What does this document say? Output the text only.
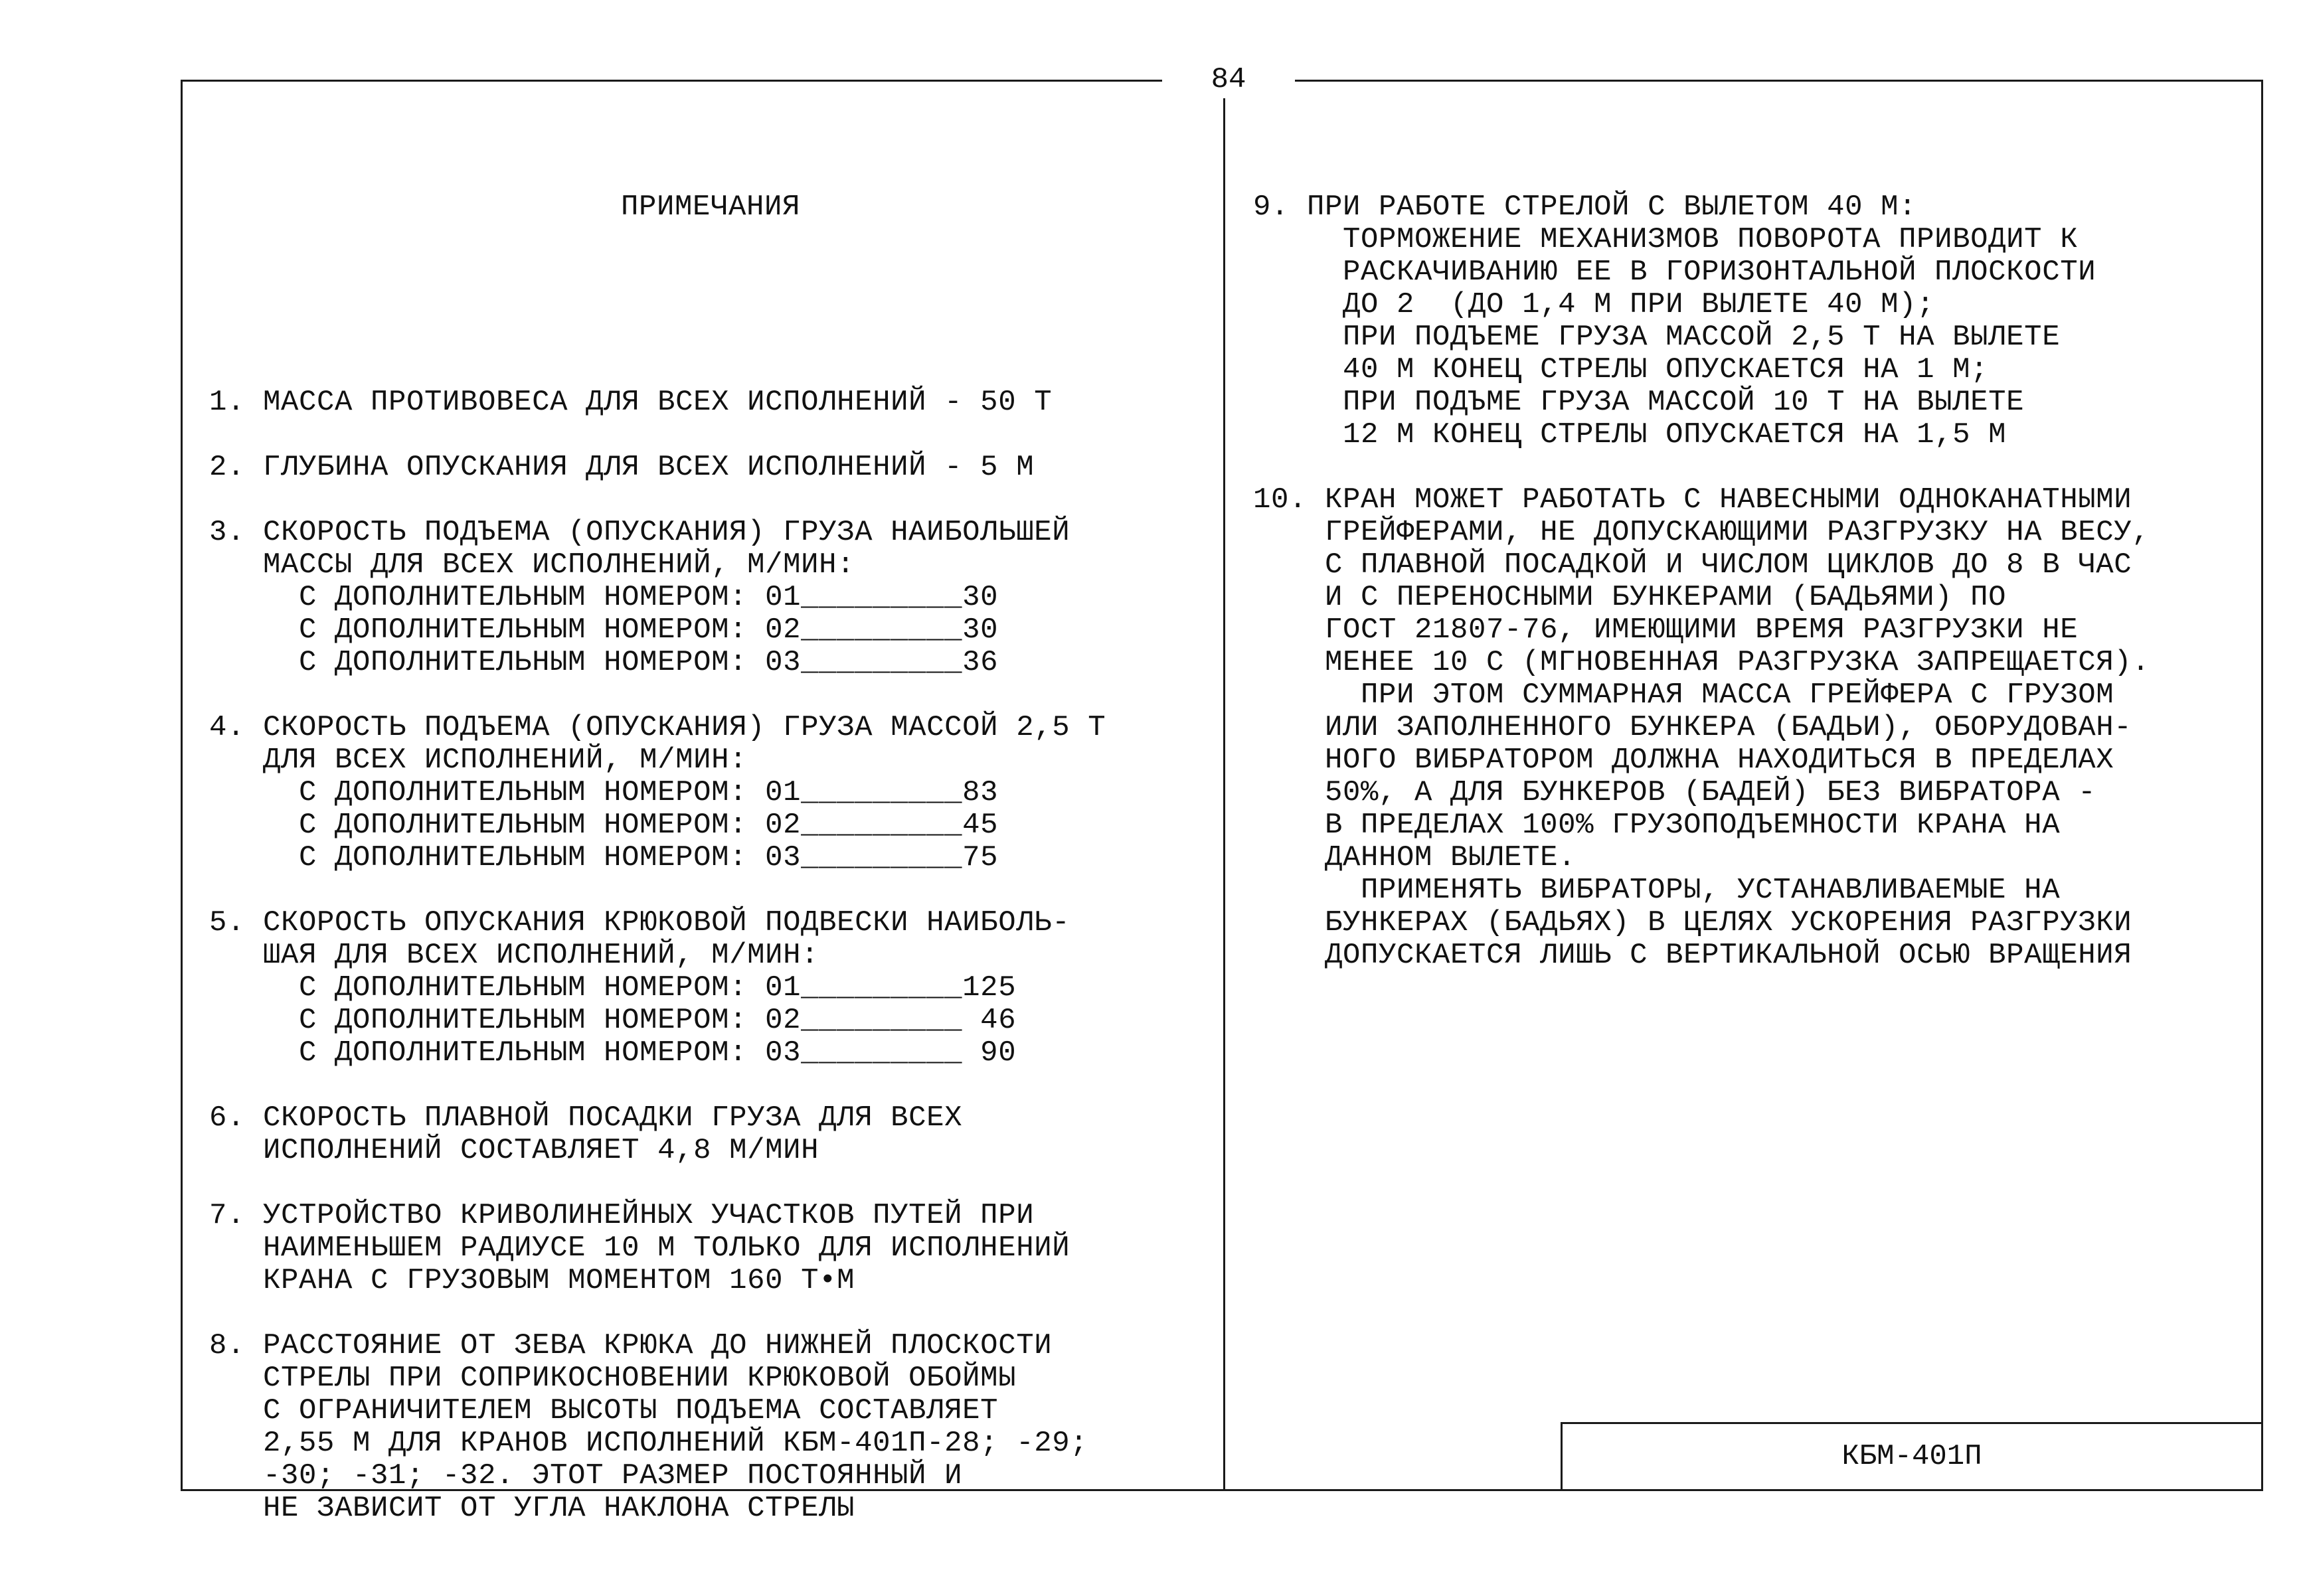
84

ПРИМЕЧАНИЯ

1. МАССА ПРОТИВОВЕСА ДЛЯ ВСЕХ ИСПОЛНЕНИЙ - 50 Т

2. ГЛУБИНА ОПУСКАНИЯ ДЛЯ ВСЕХ ИСПОЛНЕНИЙ - 5 М

3. СКОРОСТЬ ПОДЪЕМА (ОПУСКАНИЯ) ГРУЗА НАИБОЛЬШЕЙ
МАССЫ ДЛЯ ВСЕХ ИСПОЛНЕНИЙ, М/МИН:
С ДОПОЛНИТЕЛЬНЫМ НОМЕРОМ: 01_________30
С ДОПОЛНИТЕЛЬНЫМ НОМЕРОМ: 02_________30
С ДОПОЛНИТЕЛЬНЫМ НОМЕРОМ: 03_________36

4. СКОРОСТЬ ПОДЪЕМА (ОПУСКАНИЯ) ГРУЗА МАССОЙ 2,5 Т
ДЛЯ ВСЕХ ИСПОЛНЕНИЙ, М/МИН:
С ДОПОЛНИТЕЛЬНЫМ НОМЕРОМ: 01_________83
С ДОПОЛНИТЕЛЬНЫМ НОМЕРОМ: 02_________45
С ДОПОЛНИТЕЛЬНЫМ НОМЕРОМ: 03_________75

5. СКОРОСТЬ ОПУСКАНИЯ КРЮКОВОЙ ПОДВЕСКИ НАИБОЛЬ-
ШАЯ ДЛЯ ВСЕХ ИСПОЛНЕНИЙ, М/МИН:
С ДОПОЛНИТЕЛЬНЫМ НОМЕРОМ: 01_________125
С ДОПОЛНИТЕЛЬНЫМ НОМЕРОМ: 02_________ 46
С ДОПОЛНИТЕЛЬНЫМ НОМЕРОМ: 03_________ 90

6. СКОРОСТЬ ПЛАВНОЙ ПОСАДКИ ГРУЗА ДЛЯ ВСЕХ
ИСПОЛНЕНИЙ СОСТАВЛЯЕТ 4,8 М/МИН

7. УСТРОЙСТВО КРИВОЛИНЕЙНЫХ УЧАСТКОВ ПУТЕЙ ПРИ
НАИМЕНЬШЕМ РАДИУСЕ 10 М ТОЛЬКО ДЛЯ ИСПОЛНЕНИЙ
КРАНА С ГРУЗОВЫМ МОМЕНТОМ 160 Т•М

8. РАССТОЯНИЕ ОТ ЗЕВА КРЮКА ДО НИЖНЕЙ ПЛОСКОСТИ
СТРЕЛЫ ПРИ СОПРИКОСНОВЕНИИ КРЮКОВОЙ ОБОЙМЫ
С ОГРАНИЧИТЕЛЕМ ВЫСОТЫ ПОДЪЕМА СОСТАВЛЯЕТ
2,55 М ДЛЯ КРАНОВ ИСПОЛНЕНИЙ КБМ-401П-28; -29;
-30; -31; -32. ЭТОТ РАЗМЕР ПОСТОЯННЫЙ И
НЕ ЗАВИСИТ ОТ УГЛА НАКЛОНА СТРЕЛЫ

9. ПРИ РАБОТЕ СТРЕЛОЙ С ВЫЛЕТОМ 40 М:
ТОРМОЖЕНИЕ МЕХАНИЗМОВ ПОВОРОТА ПРИВОДИТ К
РАСКАЧИВАНИЮ ЕЕ В ГОРИЗОНТАЛЬНОЙ ПЛОСКОСТИ
ДО 2  (ДО 1,4 М ПРИ ВЫЛЕТЕ 40 М);
ПРИ ПОДЪЕМЕ ГРУЗА МАССОЙ 2,5 Т НА ВЫЛЕТЕ
40 М КОНЕЦ СТРЕЛЫ ОПУСКАЕТСЯ НА 1 М;
ПРИ ПОДЪМЕ ГРУЗА МАССОЙ 10 Т НА ВЫЛЕТЕ
12 М КОНЕЦ СТРЕЛЫ ОПУСКАЕТСЯ НА 1,5 М

10. КРАН МОЖЕТ РАБОТАТЬ С НАВЕСНЫМИ ОДНОКАНАТНЫМИ
ГРЕЙФЕРАМИ, НЕ ДОПУСКАЮЩИМИ РАЗГРУЗКУ НА ВЕСУ,
С ПЛАВНОЙ ПОСАДКОЙ И ЧИСЛОМ ЦИКЛОВ ДО 8 В ЧАС
И С ПЕРЕНОСНЫМИ БУНКЕРАМИ (БАДЬЯМИ) ПО
ГОСТ 21807-76, ИМЕЮЩИМИ ВРЕМЯ РАЗГРУЗКИ НЕ
МЕНЕЕ 10 С (МГНОВЕННАЯ РАЗГРУЗКА ЗАПРЕЩАЕТСЯ).
ПРИ ЭТОМ СУММАРНАЯ МАССА ГРЕЙФЕРА С ГРУЗОМ
ИЛИ ЗАПОЛНЕННОГО БУНКЕРА (БАДЬИ), ОБОРУДОВАН-
НОГО ВИБРАТОРОМ ДОЛЖНА НАХОДИТЬСЯ В ПРЕДЕЛАХ
50%, А ДЛЯ БУНКЕРОВ (БАДЕЙ) БЕЗ ВИБРАТОРА -
В ПРЕДЕЛАХ 100% ГРУЗОПОДЪЕМНОСТИ КРАНА НА
ДАННОМ ВЫЛЕТЕ.
ПРИМЕНЯТЬ ВИБРАТОРЫ, УСТАНАВЛИВАЕМЫЕ НА
БУНКЕРАХ (БАДЬЯХ) В ЦЕЛЯХ УСКОРЕНИЯ РАЗГРУЗКИ
ДОПУСКАЕТСЯ ЛИШЬ С ВЕРТИКАЛЬНОЙ ОСЬЮ ВРАЩЕНИЯ

КБМ-401П
